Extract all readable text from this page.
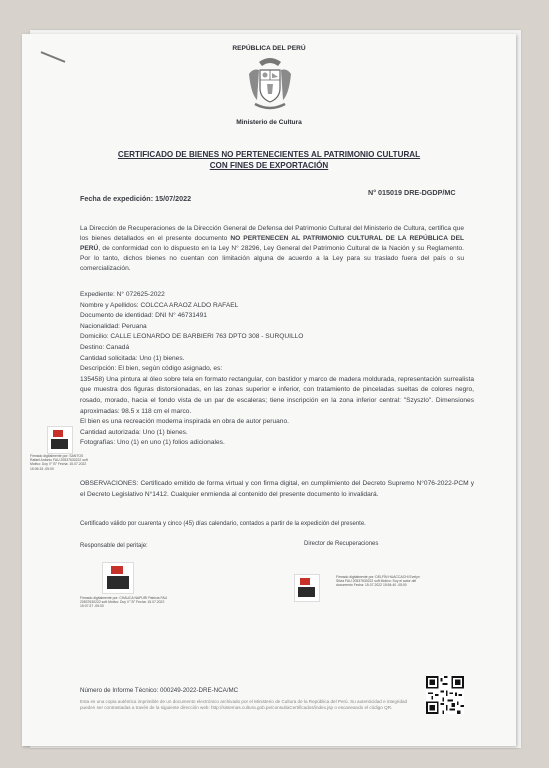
REPÚBLICA DEL PERÚ
Ministerio de Cultura
CERTIFICADO DE BIENES NO PERTENECIENTES AL PATRIMONIO CULTURAL
CON FINES DE EXPORTACIÓN
Fecha de expedición: 15/07/2022
N° 015019 DRE-DGDP/MC
La Dirección de Recuperaciones de la Dirección General de Defensa del Patrimonio Cultural del Ministerio de Cultura, certifica que los bienes detallados en el presente documento NO PERTENECEN AL PATRIMONIO CULTURAL DE LA REPÚBLICA DEL PERÚ, de conformidad con lo dispuesto en la Ley N° 28296, Ley General del Patrimonio Cultural de la Nación y su Reglamento. Por lo tanto, dichos bienes no cuentan con limitación alguna de acuerdo a la Ley para su traslado fuera del país o su comercialización.

Expediente: N° 072625-2022

Nombre y Apellidos: COLCCA ARAOZ ALDO RAFAEL

Documento de identidad: DNI N° 46731491

Nacionalidad: Peruana

Domicilio: CALLE LEONARDO DE BARBIERI 763 DPTO 308 - SURQUILLO

Destino: Canadá

Cantidad solicitada: Uno (1) bienes.

Descripción: El bien, según código asignado, es:

135458) Una pintura al óleo sobre tela en formato rectangular, con bastidor y marco de madera moldurada, representación surrealista que muestra dos figuras distorsionadas, en las zonas superior e inferior, con tratamiento de pinceladas sueltas de colores negro, rosado, morado, hacia el fondo vista de un par de escaleras; tiene inscripción en la zona inferior central: "Szyszlo". Dimensiones aproximadas: 98.5 x 118 cm el marco.

El bien es una recreación moderna inspirada en obra de autor peruano.

Cantidad autorizada: Uno (1) bienes.

Fotografías: Uno (1) en uno (1) folios adicionales.

Firmado digitalmente por: SANTOS Rafael Antonio FAU 20537630222 soft Motivo: Doy V° B° Fecha: 15.07.2022 15:06:15 -05:00
OBSERVACIONES: Certificado emitido de forma virtual y con firma digital, en cumplimiento del Decreto Supremo N°076-2022-PCM y el Decreto Legislativo N°1412. Cualquier enmienda al contenido del presente documento lo invalidará.
Certificado válido por cuarenta y cinco (45) días calendario, contados a partir de la expedición del presente.
Responsable del peritaje:	Director de Recuperaciones
Firmado digitalmente por: CHAUCA NAPURI Patricia FAU 20537630222 soft Motivo: Doy V° B° Fecha: 15.07.2022 15:07:37 -05:00
Firmado digitalmente por: DELFÍN HUACCACHI Evelyn Silvia FAU 20537630222 soft Motivo: Soy el autor del documento Fecha: 15.07.2022 15:54:40 -05:00
Número de Informe Técnico: 000249-2022-DRE-NCA/MC
Esta es una copia auténtica imprimible de un documento electrónico archivado por el Ministerio de Cultura de la República del Perú. Su autenticidad e integridad pueden ser contrastadas a través de la siguiente dirección web: http://sistemas.cultura.gob.pe/consultaCertificados/index.jsp o escaneando el código QR.
